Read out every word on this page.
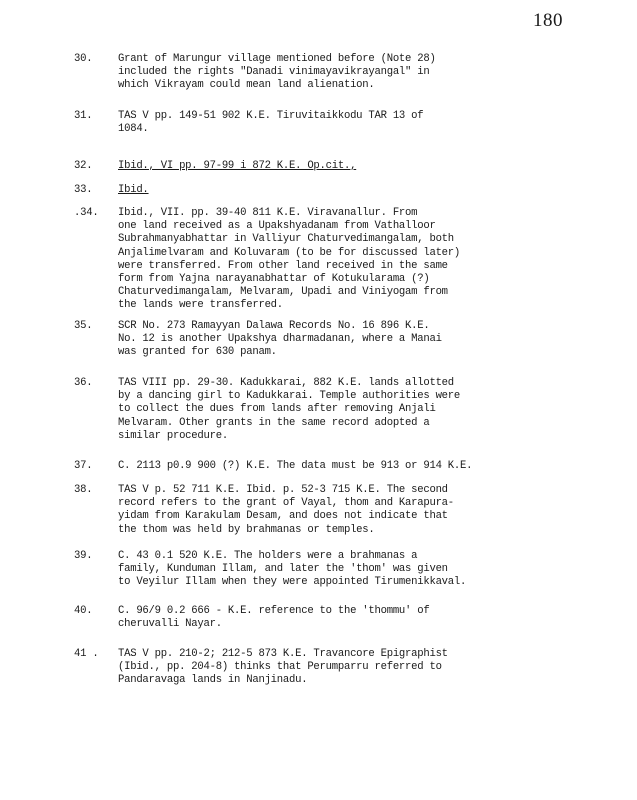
180
30.	Grant of Marungur village mentioned before (Note 28)
included the rights "Danadi vinimayavikrayangal" in
which Vikrayam could mean land alienation.
31.	TAS V pp. 149-51 902 K.E. Tiruvitaikkodu TAR 13 of
1084.
32.	Ibid., VI pp. 97-99 i 872 K.E. Op.cit.,
33.	Ibid.
.34.	Ibid., VII. pp. 39-40 811 K.E. Viravanallur. From
one land received as a Upakshyadanam from Vathalloor
Subrahmanyabhattar in Valliyur Chaturvedimangalam, both
Anjalimelvaram and Koluvaram (to be for discussed later)
were transferred. From other land received in the same
form from Yajna narayanabhattar of Kotukularama (?)
Chaturvedimangalam, Melvaram, Upadi and Viniyogam from
the lands were transferred.
35.	SCR No. 273 Ramayyan Dalawa Records No. 16 896 K.E.
No. 12 is another Upakshya dharmadanan, where a Manai
was granted for 630 panam.
36.	TAS VIII pp. 29-30. Kadukkarai, 882 K.E. lands allotted
by a dancing girl to Kadukkarai. Temple authorities were
to collect the dues from lands after removing Anjali
Melvaram. Other grants in the same record adopted a
similar procedure.
37.	C. 2113 p0.9 900 (?) K.E. The data must be 913 or 914 K.E.
38.	TAS V p. 52 711 K.E. Ibid. p. 52-3 715 K.E. The second
record refers to the grant of Vayal, thom and Karapura-
yidam from Karakulam Desam, and does not indicate that
the thom was held by brahmanas or temples.
39.	C. 43 0.1 520 K.E. The holders were a brahmanas a
family, Kunduman Illam, and later the 'thom' was given
to Veyilur Illam when they were appointed Tirumenikkaval.
40.	C. 96/9 0.2 666 - K.E. reference to the 'thommu' of
cheruvalli Nayar.
41 .	TAS V pp. 210-2; 212-5 873 K.E. Travancore Epigraphist
(Ibid., pp. 204-8) thinks that Perumparru referred to
Pandaravaga lands in Nanjinadu.
